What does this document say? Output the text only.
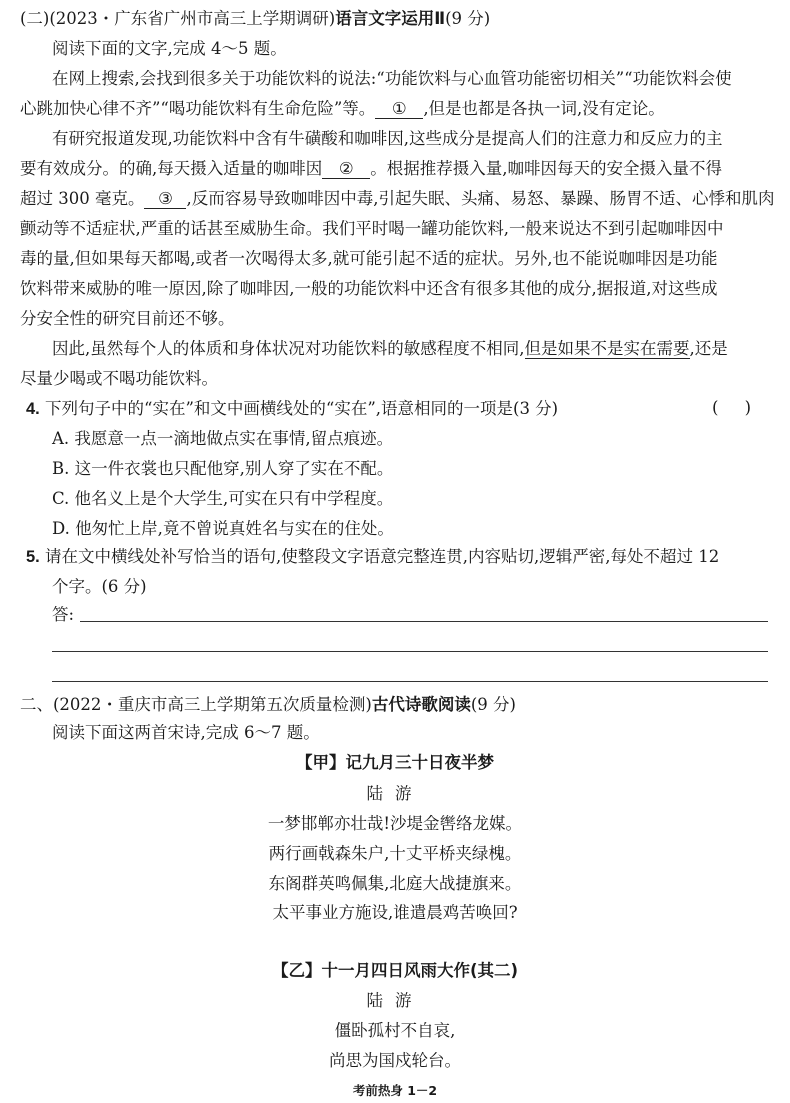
(二)(2023・广东省广州市高三上学期调研)语言文字运用Ⅱ(9 分)
阅读下面的文字,完成 4～5 题。
在网上搜索,会找到很多关于功能饮料的说法:“功能饮料与心血管功能密切相关”“功能饮料会使
心跳加快心律不齐”“喝功能饮料有生命危险”等。 ① ,但是也都是各执一词,没有定论。
有研究报道发现,功能饮料中含有牛磺酸和咖啡因,这些成分是提高人们的注意力和反应力的主
要有效成分。的确,每天摄入适量的咖啡因 ② 。根据推荐摄入量,咖啡因每天的安全摄入量不得
超过 300 毫克。 ③ ,反而容易导致咖啡因中毒,引起失眠、头痛、易怒、暴躁、肠胃不适、心悸和肌肉
颤动等不适症状,严重的话甚至威胁生命。我们平时喝一罐功能饮料,一般来说达不到引起咖啡因中
毒的量,但如果每天都喝,或者一次喝得太多,就可能引起不适的症状。另外,也不能说咖啡因是功能
饮料带来威胁的唯一原因,除了咖啡因,一般的功能饮料中还含有很多其他的成分,据报道,对这些成
分安全性的研究目前还不够。
因此,虽然每个人的体质和身体状况对功能饮料的敏感程度不相同,但是如果不是实在需要,还是
尽量少喝或不喝功能饮料。
4. 下列句子中的“实在”和文中画横线处的“实在”,语意相同的一项是(3 分)	(     )
A. 我愿意一点一滴地做点实在事情,留点痕迹。
B. 这一件衣裳也只配他穿,别人穿了实在不配。
C. 他名义上是个大学生,可实在只有中学程度。
D. 他匆忙上岸,竟不曾说真姓名与实在的住处。
5. 请在文中横线处补写恰当的语句,使整段文字语意完整连贯,内容贴切,逻辑严密,每处不超过 12
个字。(6 分)
答:
二、(2022・重庆市高三上学期第五次质量检测)古代诗歌阅读(9 分)
阅读下面这两首宋诗,完成 6～7 题。
【甲】记九月三十日夜半梦
陆游
一梦邯郸亦壮哉!沙堤金辔络龙媒。
两行画戟森朱户,十丈平桥夹绿槐。
东阁群英鸣佩集,北庭大战捷旗来。
太平事业方施设,谁遣晨鸡苦唤回?
【乙】十一月四日风雨大作(其二)
陆游
僵卧孤村不自哀,
尚思为国戍轮台。
考前热身 1－2
